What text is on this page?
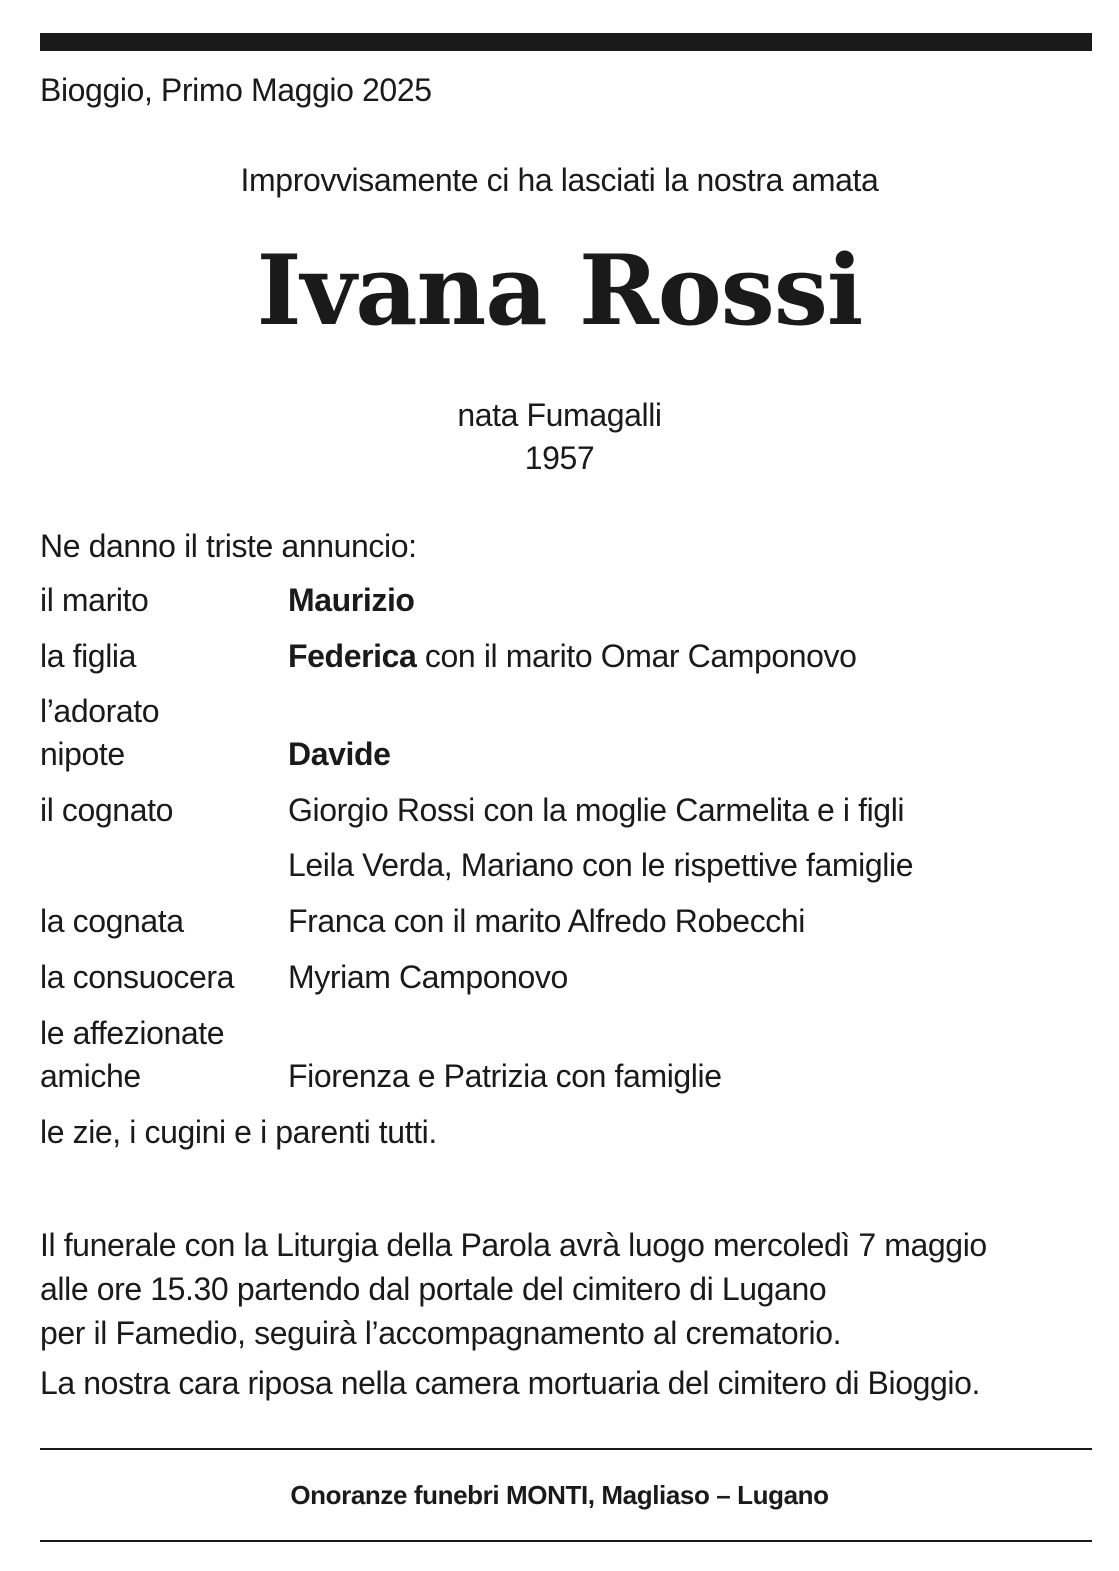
Bioggio, Primo Maggio 2025
Improvvisamente ci ha lasciati la nostra amata
Ivana Rossi
nata Fumagalli
1957
Ne danno il triste annuncio:
il marito	Maurizio
la figlia	Federica con il marito Omar Camponovo
l’adorato
nipote	Davide
il cognato	Giorgio Rossi con la moglie Carmelita e i figli
Leila Verda, Mariano con le rispettive famiglie
la cognata	Franca con il marito Alfredo Robecchi
la consuocera	Myriam Camponovo
le affezionate
amiche	Fiorenza e Patrizia con famiglie
le zie, i cugini e i parenti tutti.
Il funerale con la Liturgia della Parola avrà luogo mercoledì 7 maggio
alle ore 15.30 partendo dal portale del cimitero di Lugano
per il Famedio, seguirà l’accompagnamento al crematorio.
La nostra cara riposa nella camera mortuaria del cimitero di Bioggio.
Onoranze funebri MONTI, Magliaso – Lugano
